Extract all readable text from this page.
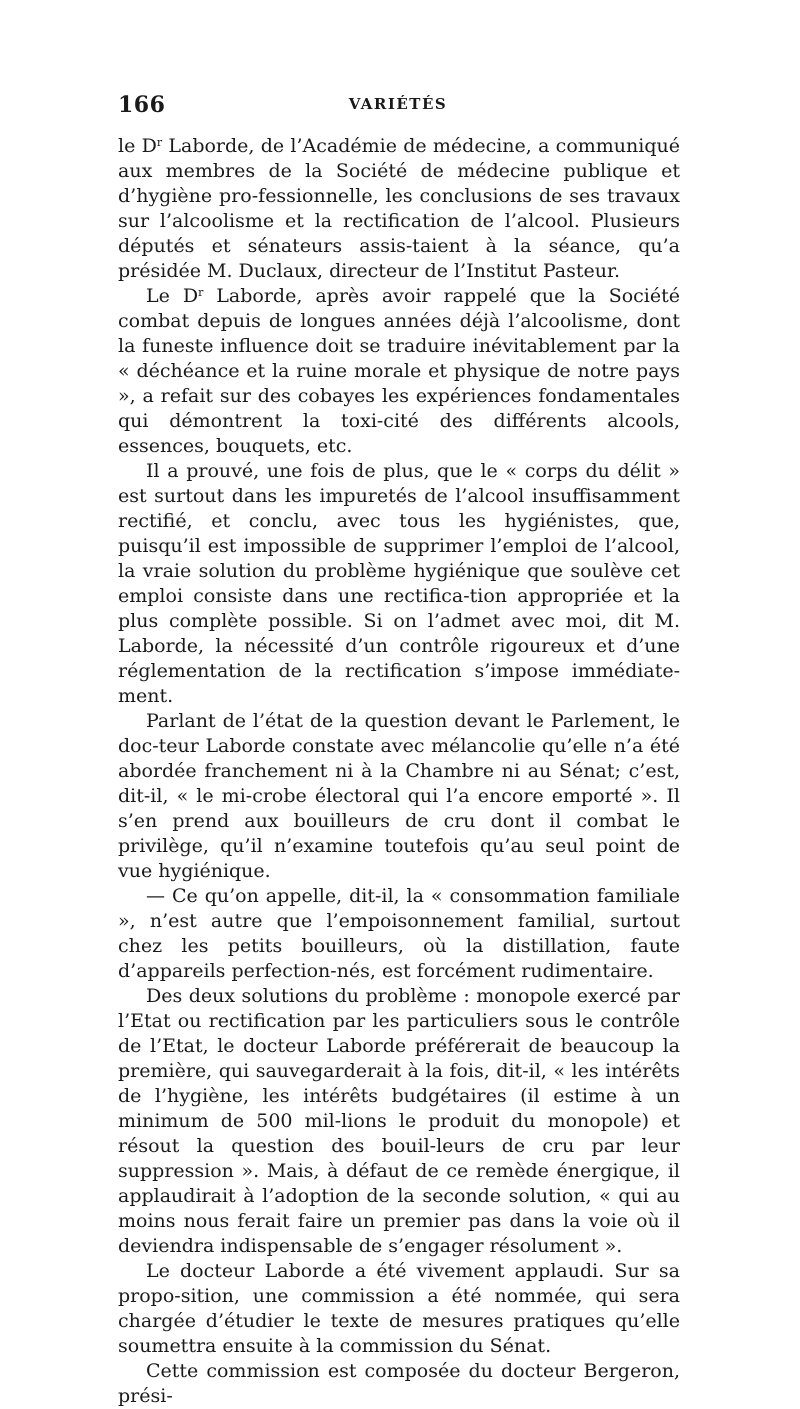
166	VARIÉTÉS

le $D^r$ Laborde, de l’Académie de médecine, a communiqué aux membres de la Société de médecine publique et d’hygiène pro-fessionnelle, les conclusions de ses travaux sur l’alcoolisme et la rectification de l’alcool. Plusieurs députés et sénateurs assis-taient à la séance, qu’a présidée M. Duclaux, directeur de l’Institut Pasteur.

Le $D^r$ Laborde, après avoir rappelé que la Société combat depuis de longues années déjà l’alcoolisme, dont la funeste influence doit se traduire inévitablement par la « déchéance et la ruine morale et physique de notre pays », a refait sur des cobayes les expériences fondamentales qui démontrent la toxi-cité des différents alcools, essences, bouquets, etc.

Il a prouvé, une fois de plus, que le « corps du délit » est surtout dans les impuretés de l’alcool insuffisamment rectifié, et conclu, avec tous les hygiénistes, que, puisqu’il est impossible de supprimer l’emploi de l’alcool, la vraie solution du problème hygiénique que soulève cet emploi consiste dans une rectifica-tion appropriée et la plus complète possible. Si on l’admet avec moi, dit M. Laborde, la nécessité d’un contrôle rigoureux et d’une réglementation de la rectification s’impose immédiate-ment.

Parlant de l’état de la question devant le Parlement, le doc-teur Laborde constate avec mélancolie qu’elle n’a été abordée franchement ni à la Chambre ni au Sénat; c’est, dit-il, « le mi-crobe électoral qui l’a encore emporté ». Il s’en prend aux bouilleurs de cru dont il combat le privilège, qu’il n’examine toutefois qu’au seul point de vue hygiénique.

— Ce qu’on appelle, dit-il, la « consommation familiale », n’est autre que l’empoisonnement familial, surtout chez les petits bouilleurs, où la distillation, faute d’appareils perfection-nés, est forcément rudimentaire.

Des deux solutions du problème : monopole exercé par l’Etat ou rectification par les particuliers sous le contrôle de l’Etat, le docteur Laborde préférerait de beaucoup la première, qui sauvegarderait à la fois, dit-il, « les intérêts de l’hygiène, les intérêts budgétaires (il estime à un minimum de 500 mil-lions le produit du monopole) et résout la question des bouil-leurs de cru par leur suppression ». Mais, à défaut de ce remède énergique, il applaudirait à l’adoption de la seconde solution, « qui au moins nous ferait faire un premier pas dans la voie où il deviendra indispensable de s’engager résolument ».

Le docteur Laborde a été vivement applaudi. Sur sa propo-sition, une commission a été nommée, qui sera chargée d’étudier le texte de mesures pratiques qu’elle soumettra ensuite à la commission du Sénat.

Cette commission est composée du docteur Bergeron, prési-
